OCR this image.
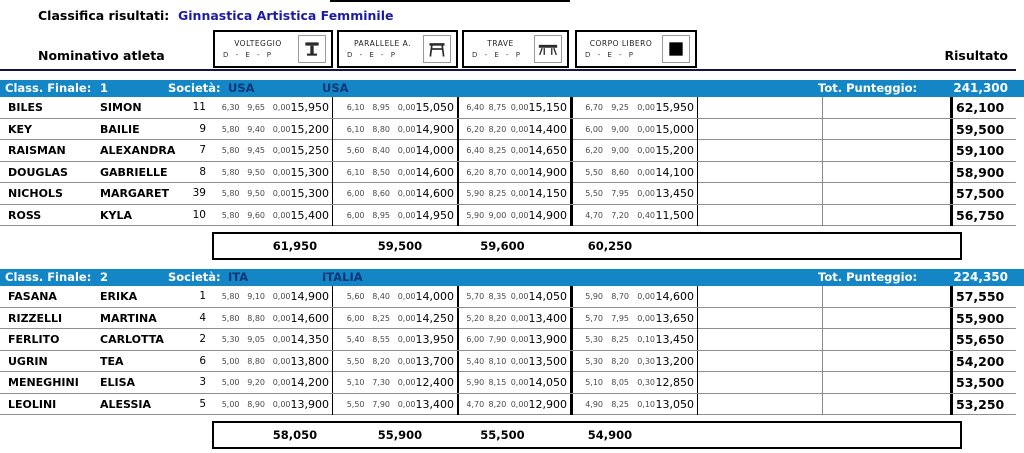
Classifica risultati: Ginnastica Artistica Femminile
Nominativo atleta	Risultato
VOLTEGGIO
D - E - P
PARALLELE A.
D - E - P
TRAVE
D - E - P
CORPO LIBERO
D - E - P
Class. Finale: 1	Società: USA	USA	Tot. Punteggio:	241,300
BILES	SIMON	11	6,30 9,65 0,00 15,950	6,10 8,95 0,00 15,050	6,40 8,75 0,00 15,150	6,70	9,25	0,00 15,950	62,100
KEY	BAILIE	9	5,80 9,40 0,00 15,200	6,10 8,80 0,00 14,900	6,20 8,20 0,00 14,400	6,00	9,00	0,00 15,000	59,500
RAISMAN	ALEXANDRA	7	5,80 9,45 0,00 15,250	5,60 8,40 0,00 14,000	6,40 8,25 0,00 14,650	6,20	9,00	0,00 15,200	59,100
DOUGLAS	GABRIELLE	8	5,80 9,50 0,00 15,300	6,10 8,50 0,00 14,600	6,20 8,70 0,00 14,900	5,50	8,60	0,00 14,100	58,900
NICHOLS	MARGARET	39	5,80 9,50 0,00 15,300	6,00 8,60 0,00 14,600	5,90 8,25 0,00 14,150	5,50	7,95	0,00 13,450	57,500
ROSS	KYLA	10	5,80 9,60 0,00 15,400	6,00 8,95 0,00 14,950	5,90 9,00 0,00 14,900	4,70	7,20	0,40 11,500	56,750
61,950	59,500	59,600	60,250
Class. Finale: 2	Società: ITA	ITALIA	Tot. Punteggio:	224,350
FASANA	ERIKA	1	5,80 9,10 0,00 14,900	5,60 8,40 0,00 14,000	5,70 8,35 0,00 14,050	5,90	8,70	0,00 14,600	57,550
RIZZELLI	MARTINA	4	5,80 8,80 0,00 14,600	6,00 8,25 0,00 14,250	5,20 8,20 0,00 13,400	5,70	7,95	0,00 13,650	55,900
FERLITO	CARLOTTA	2	5,30 9,05 0,00 14,350	5,40 8,55 0,00 13,950	6,00 7,90 0,00 13,900	5,30	8,25	0,10 13,450	55,650
UGRIN	TEA	6	5,00 8,80 0,00 13,800	5,50 8,20 0,00 13,700	5,40 8,10 0,00 13,500	5,30	8,20	0,30 13,200	54,200
MENEGHINI	ELISA	3	5,00 9,20 0,00 14,200	5,10 7,30 0,00 12,400	5,90 8,15 0,00 14,050	5,10	8,05	0,30 12,850	53,500
LEOLINI	ALESSIA	5	5,00 8,90 0,00 13,900	5,50 7,90 0,00 13,400	4,70 8,20 0,00 12,900	4,90	8,25	0,10 13,050	53,250
58,050	55,900	55,500	54,900
